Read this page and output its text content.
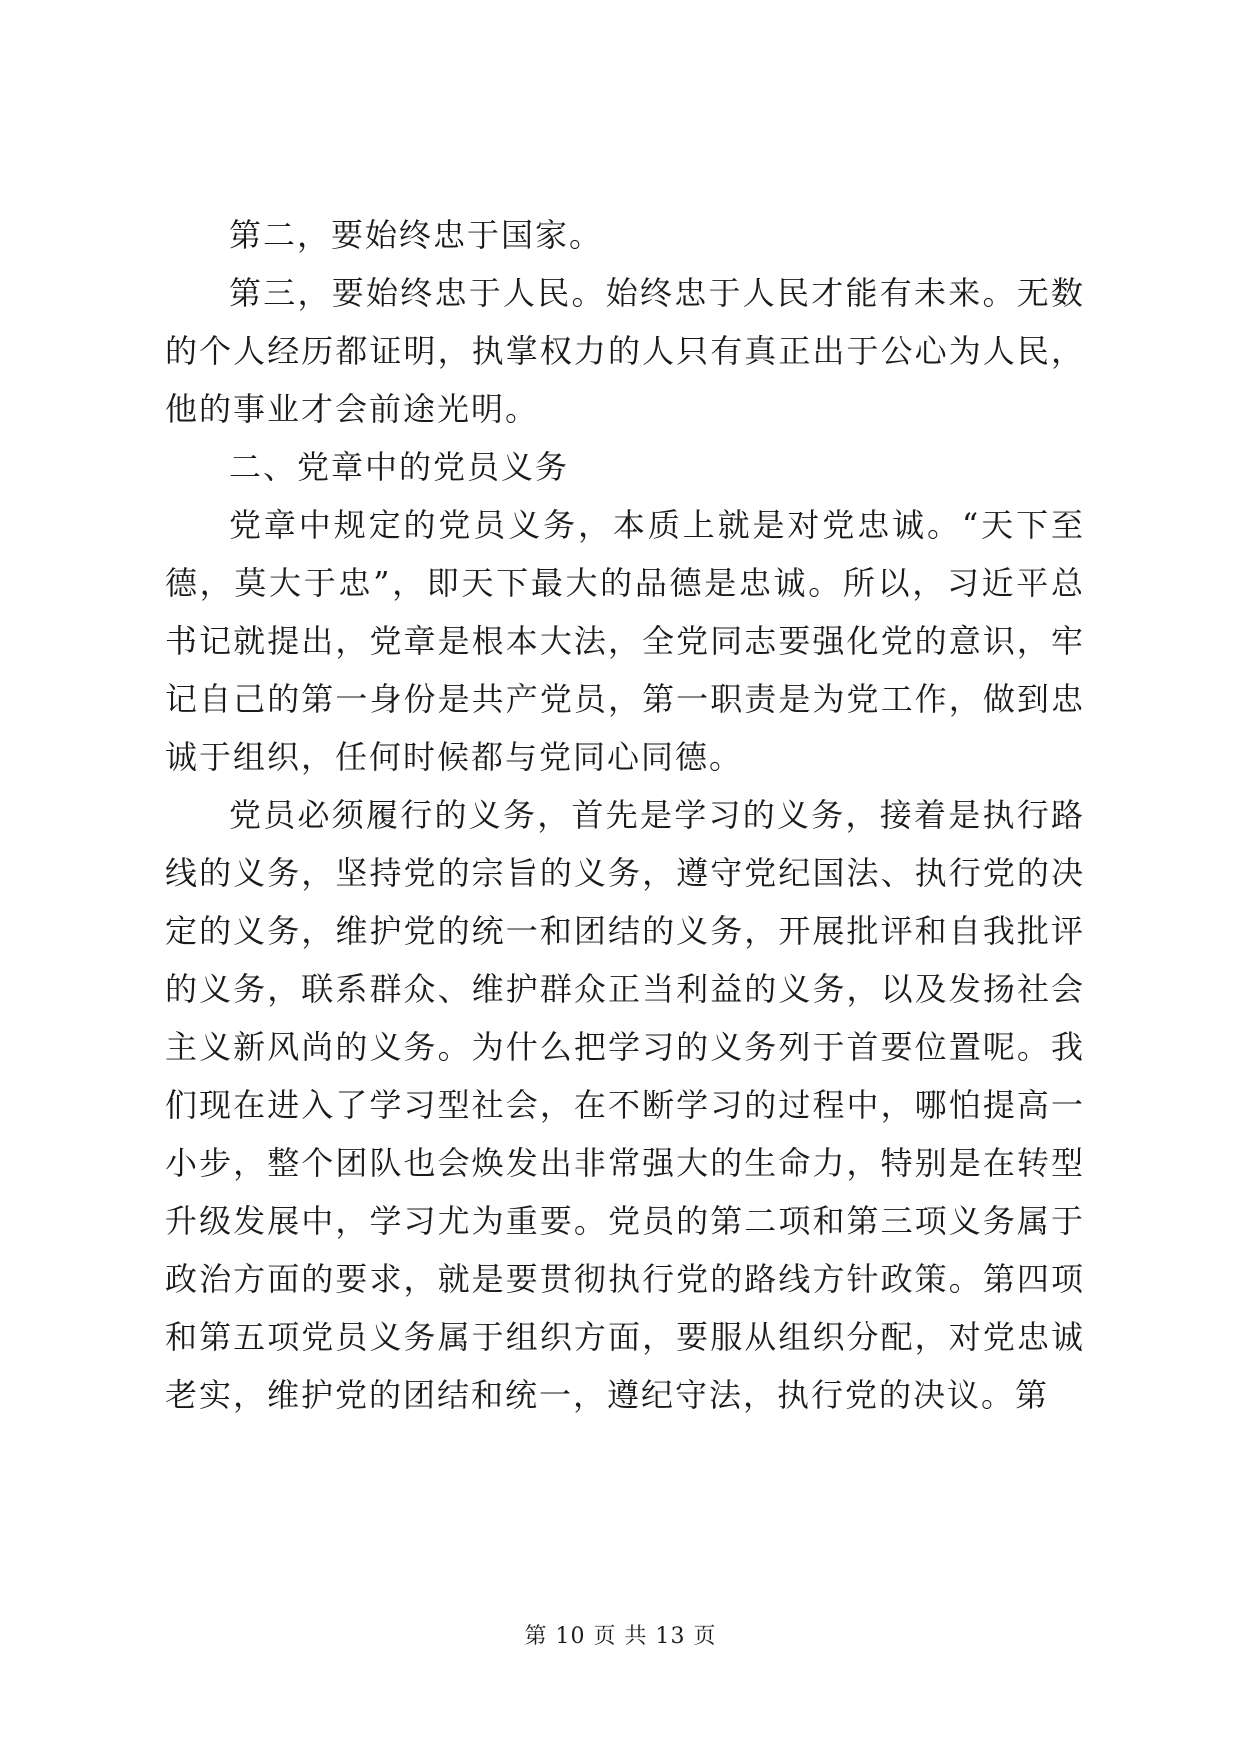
第二，要始终忠于国家。

第三，要始终忠于人民。始终忠于人民才能有未来。无数的个人经历都证明，执掌权力的人只有真正出于公心为人民，他的事业才会前途光明。

二、党章中的党员义务

党章中规定的党员义务，本质上就是对党忠诚。“天下至德，莫大于忠”，即天下最大的品德是忠诚。所以，习近平总书记就提出，党章是根本大法，全党同志要强化党的意识，牢记自己的第一身份是共产党员，第一职责是为党工作，做到忠诚于组织，任何时候都与党同心同德。

党员必须履行的义务，首先是学习的义务，接着是执行路线的义务，坚持党的宗旨的义务，遵守党纪国法、执行党的决定的义务，维护党的统一和团结的义务，开展批评和自我批评的义务，联系群众、维护群众正当利益的义务，以及发扬社会主义新风尚的义务。为什么把学习的义务列于首要位置呢。我们现在进入了学习型社会，在不断学习的过程中，哪怕提高一小步，整个团队也会焕发出非常强大的生命力，特别是在转型升级发展中，学习尤为重要。党员的第二项和第三项义务属于政治方面的要求，就是要贯彻执行党的路线方针政策。第四项和第五项党员义务属于组织方面，要服从组织分配，对党忠诚老实，维护党的团结和统一，遵纪守法，执行党的决议。第

第 10 页 共 13 页
